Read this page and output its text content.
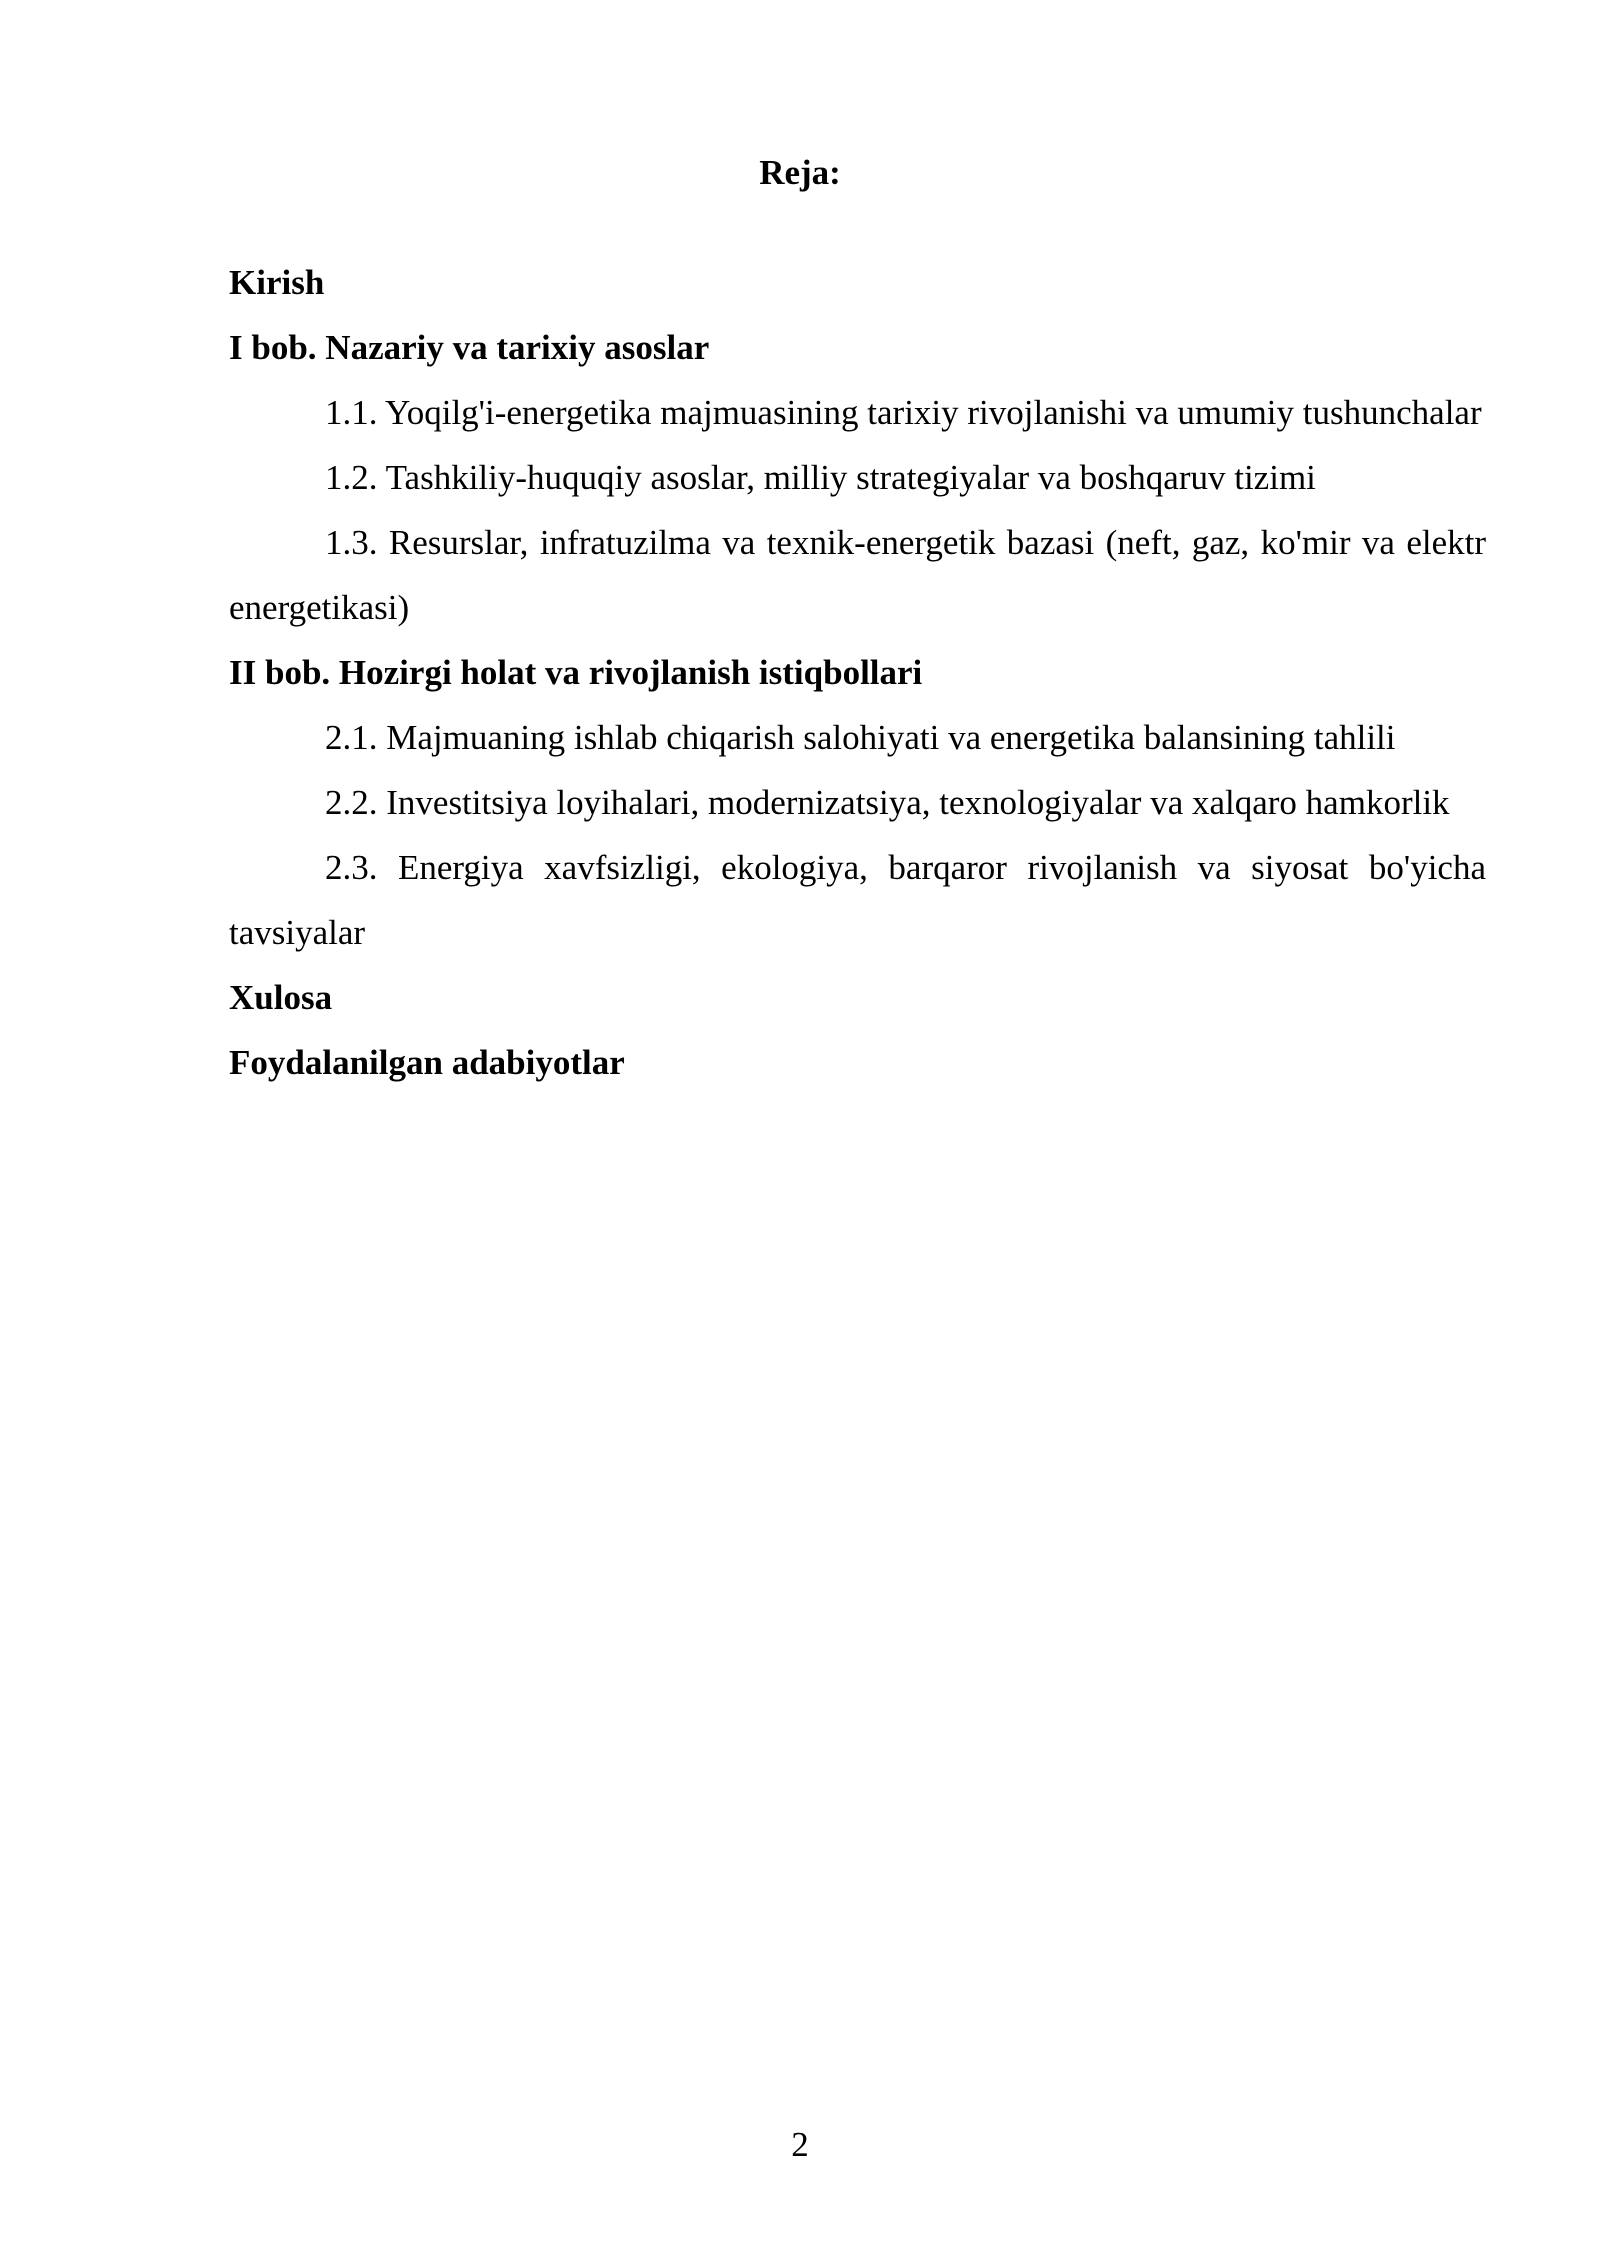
Reja:

Kirish

I bob. Nazariy va tarixiy asoslar

1.1. Yoqilg'i-energetika majmuasining tarixiy rivojlanishi va umumiy tushunchalar

1.2. Tashkiliy-huquqiy asoslar, milliy strategiyalar va boshqaruv tizimi

1.3. Resurslar, infratuzilma va texnik-energetik bazasi (neft, gaz, ko'mir va elektr energetikasi)

II bob. Hozirgi holat va rivojlanish istiqbollari

2.1. Majmuaning ishlab chiqarish salohiyati va energetika balansining tahlili

2.2. Investitsiya loyihalari, modernizatsiya, texnologiyalar va xalqaro hamkorlik

2.3. Energiya xavfsizligi, ekologiya, barqaror rivojlanish va siyosat bo'yicha tavsiyalar

Xulosa

Foydalanilgan adabiyotlar

2
